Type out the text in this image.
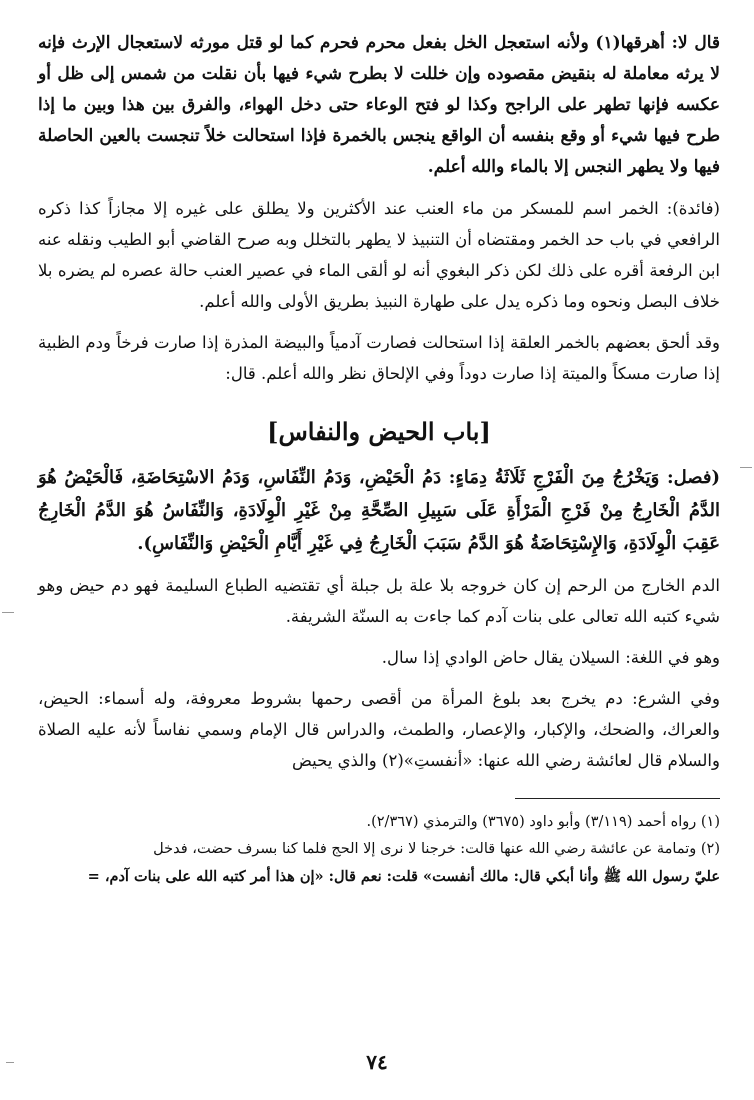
قال لا: أهرقها(١) ولأنه استعجل الخل بفعل محرم فحرم كما لو قتل مورثه لاستعجال الإرث فإنه لا يرثه معاملة له بنقيض مقصوده وإن خللت لا بطرح شيء فيها بأن نقلت من شمس إلى ظل أو عكسه فإنها تطهر على الراجح وكذا لو فتح الوعاء حتى دخل الهواء، والفرق بين هذا وبين ما إذا طرح فيها شيء أو وقع بنفسه أن الواقع ينجس بالخمرة فإذا استحالت خلاً تنجست بالعين الحاصلة فيها ولا يطهر النجس إلا بالماء والله أعلم.

(فائدة): الخمر اسم للمسكر من ماء العنب عند الأكثرين ولا يطلق على غيره إلا مجازاً كذا ذكره الرافعي في باب حد الخمر ومقتضاه أن التنبيذ لا يطهر بالتخلل وبه صرح القاضي أبو الطيب ونقله عنه ابن الرفعة أقره على ذلك لكن ذكر البغوي أنه لو ألقى الماء في عصير العنب حالة عصره لم يضره بلا خلاف البصل ونحوه وما ذكره يدل على طهارة النبيذ بطريق الأولى والله أعلم.

وقد ألحق بعضهم بالخمر العلقة إذا استحالت فصارت آدمياً والبيضة المذرة إذا صارت فرخاً ودم الظبية إذا صارت مسكاً والميتة إذا صارت دوداً وفي الإلحاق نظر والله أعلم. قال:

[باب الحيض والنفاس]

(فصل: وَيَخْرُجُ مِنَ الْفَرْجِ ثَلَاثَةُ دِمَاءٍ: دَمُ الْحَيْضِ، وَدَمُ النِّفَاسِ، وَدَمُ الاسْتِحَاضَةِ، فَالْحَيْضُ هُوَ الدَّمُ الْخَارِجُ مِنْ فَرْجِ الْمَرْأَةِ عَلَى سَبِيلِ الصِّحَّةِ مِنْ غَيْرِ الْوِلَادَةِ، وَالنِّفَاسُ هُوَ الدَّمُ الْخَارِجُ عَقِبَ الْوِلَادَةِ، وَالإِسْتِحَاضَةُ هُوَ الدَّمُ سَبَبَ الْخَارِجُ فِي غَيْرِ أَيَّامِ الْحَيْضِ وَالنِّفَاسِ).

الدم الخارج من الرحم إن كان خروجه بلا علة بل جبلة أي تقتضيه الطباع السليمة فهو دم حيض وهو شيء كتبه الله تعالى على بنات آدم كما جاءت به السنّة الشريفة.

وهو في اللغة: السيلان يقال حاض الوادي إذا سال.

وفي الشرع: دم يخرج بعد بلوغ المرأة من أقصى رحمها بشروط معروفة، وله أسماء: الحيض، والعراك، والضحك، والإكبار، والإعصار، والطمث، والدراس قال الإمام وسمي نفاساً لأنه عليه الصلاة والسلام قال لعائشة رضي الله عنها: «أنفستِ»(٢) والذي يحيض

(١) رواه أحمد (٣/١١٩) وأبو داود (٣٦٧٥) والترمذي (٢/٣٦٧).

(٢) وتمامة عن عائشة رضي الله عنها قالت: خرجنا لا نرى إلا الحج فلما كنا بسرف حضت، فدخل

عليّ رسول الله ﷺ وأنا أبكي قال: مالك أنفست» قلت: نعم قال: «إن هذا أمر كتبه الله على بنات آدم، =

٧٤
